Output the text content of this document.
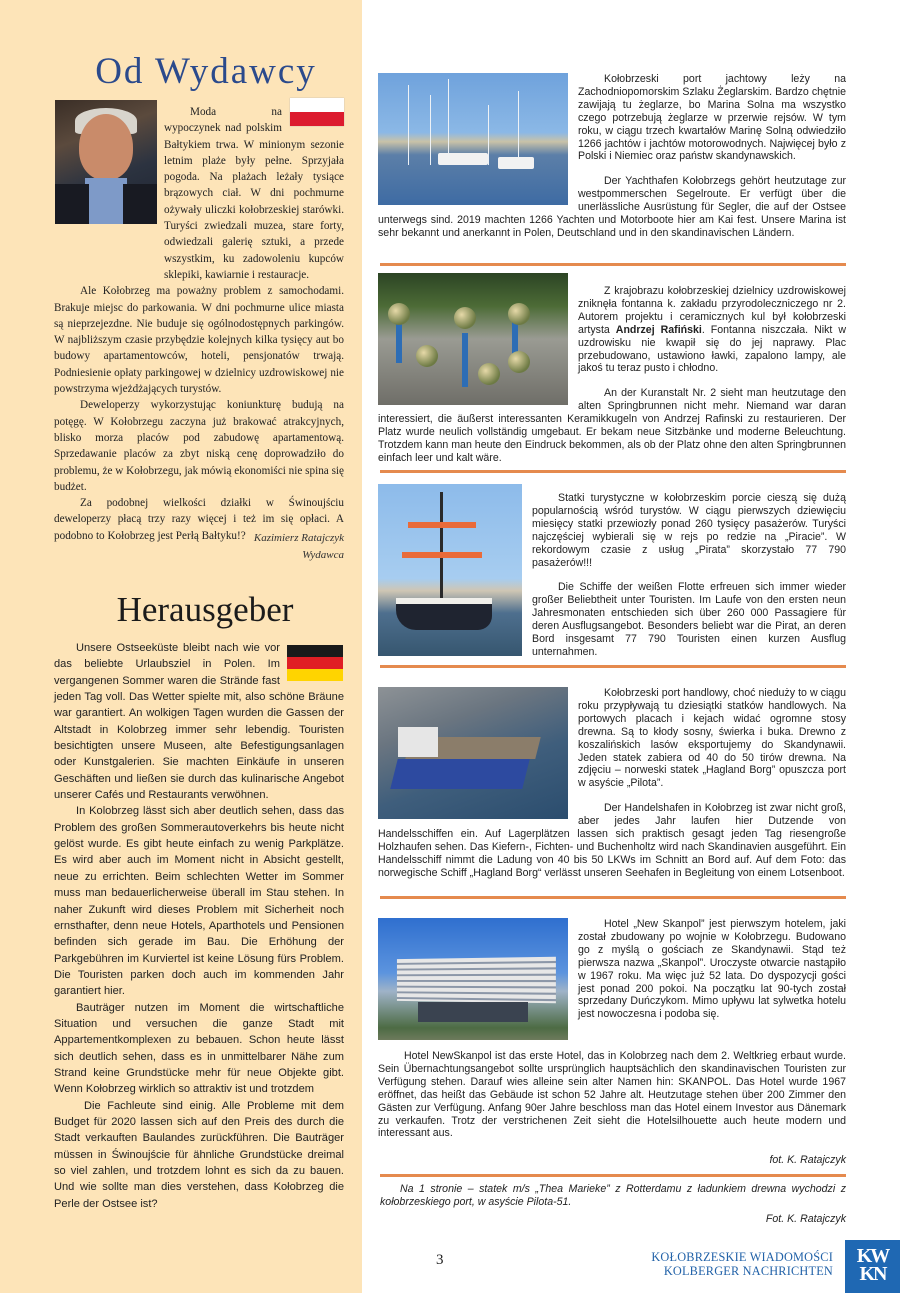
Od Wydawcy

Moda na wypoczynek nad polskim Bałtykiem trwa. W minionym sezonie letnim plaże były pełne. Sprzyjała pogoda. Na plażach leżały tysiące brązowych ciał. W dni pochmurne ożywały uliczki kołobrzeskiej starówki. Turyści zwiedzali muzea, stare forty, odwiedzali galerię sztuki, a przede wszystkim, ku zadowoleniu kupców sklepiki, kawiarnie i restauracje.

Ale Kołobrzeg ma poważny problem z samochodami. Brakuje miejsc do parkowania. W dni pochmurne ulice miasta są nieprzejezdne. Nie buduje się ogólnodostępnych parkingów. W najbliższym czasie przybędzie kolejnych kilka tysięcy aut bo budowy apartamentowców, hoteli, pensjonatów trwają. Podniesienie opłaty parkingowej w dzielnicy uzdrowiskowej nie powstrzyma wjeżdżających turystów.

Deweloperzy wykorzystując koniunkturę budują na potęgę. W Kołobrzegu zaczyna już brakować atrakcyjnych, blisko morza placów pod zabudowę apartamentową. Sprzedawanie placów za zbyt niską cenę doprowadziło do problemu, że w Kołobrzegu, jak mówią ekonomiści nie spina się budżet.

Za podobnej wielkości działki w Świnoujściu deweloperzy płacą trzy razy więcej i też im się opłaci. A podobno to Kołobrzeg jest Perłą Bałtyku!? Kazimierz Ratajczyk
Wydawca
Herausgeber

Unsere Ostseeküste bleibt nach wie vor das beliebte Urlaubsziel in Polen. Im vergangenen Sommer waren die Strände fast jeden Tag voll. Das Wetter spielte mit, also schöne Bräune war garantiert. An wolkigen Tagen wurden die Gassen der Altstadt in Kolobrzeg immer sehr lebendig. Touristen besichtigten unsere Museen, alte Befestigungsanlagen oder Kunstgalerien. Sie machten Einkäufe in unseren Geschäften und ließen sie durch das kulinarische Angebot unserer Cafés und Restaurants verwöhnen.

In Kolobrzeg lässt sich aber deutlich sehen, dass das Problem des großen Sommerautoverkehrs bis heute nicht gelöst wurde. Es gibt heute einfach zu wenig Parkplätze. Es wird aber auch im Moment nicht in Absicht gestellt, neue zu errichten. Beim schlechten Wetter im Sommer muss man bedauerlicherweise überall im Stau stehen. In naher Zukunft wird dieses Problem mit Sicherheit noch ernsthafter, denn neue Hotels, Aparthotels und Pensionen befinden sich gerade im Bau. Die Erhöhung der Parkgebühren im Kurviertel ist keine Lösung fürs Problem. Die Touristen parken doch auch im kommenden Jahr garantiert hier.

Bauträger nutzen im Moment die wirtschaftliche Situation und versuchen die ganze Stadt mit Appartementkomplexen zu bebauen. Schon heute lässt sich deutlich sehen, dass es in unmittelbarer Nähe zum Strand keine Grundstücke mehr für neue Objekte gibt. Wenn Kołobrzeg wirklich so attraktiv ist und trotzdem

Die Fachleute sind einig. Alle Probleme mit dem Budget für 2020 lassen sich auf den Preis des durch die Stadt verkauften Baulandes zurückführen. Die Bauträger müssen in Świnoujście für ähnliche Grundstücke dreimal so viel zahlen, und trotzdem lohnt es sich da zu bauen. Und wie sollte man dies verstehen, dass Kołobrzeg die Perle der Ostsee ist?

Kołobrzeski port jachtowy leży na Zachodniopomorskim Szlaku Żeglarskim. Bardzo chętnie zawijają tu żeglarze, bo Marina Solna ma wszystko czego potrzebują żeglarze w przerwie rejsów. W tym roku, w ciągu trzech kwartałów Marinę Solną odwiedziło 1266 jachtów i jachtów motorowodnych. Najwięcej było z Polski i Niemiec oraz państw skandynawskich.

Der Yachthafen Kołobrzegs gehört heutzutage zur westpommerschen Segelroute. Er verfügt über die unerlässliche Ausrüstung für Segler, die auf der Ostsee unterwegs sind. 2019 machten 1266 Yachten und Motorboote hier am Kai fest. Unsere Marina ist sehr bekannt und anerkannt in Polen, Deutschland und in den skandinavischen Ländern.

Z krajobrazu kołobrzeskiej dzielnicy uzdrowiskowej zniknęła fontanna k. zakładu przyrodoleczniczego nr 2. Autorem projektu i ceramicznych kul był kołobrzeski artysta Andrzej Rafiński. Fontanna niszczała. Nikt w uzdrowisku nie kwapił się do jej naprawy. Plac przebudowano, ustawiono ławki, zapalono lampy, ale jakoś tu teraz pusto i chłodno.

An der Kuranstalt Nr. 2 sieht man heutzutage den alten Springbrunnen nicht mehr. Niemand war daran interessiert, die äußerst interessanten Keramikkugeln von Andrzej Rafinski zu restaurieren. Der Platz wurde neulich vollständig umgebaut. Er bekam neue Sitzbänke und moderne Beleuchtung. Trotzdem kann man heute den Eindruck bekommen, als ob der Platz ohne den alten Springbrunnen einfach leer und kalt wäre.

Statki turystyczne w kołobrzeskim porcie cieszą się dużą popularnością wśród turystów. W ciągu pierwszych dziewięciu miesięcy statki przewiozły ponad 260 tysięcy pasażerów. Turyści najczęściej wybierali się w rejs po redzie na „Piracie”. W rekordowym czasie z usług „Pirata” skorzystało 77 790 pasażerów!!!

Die Schiffe der weißen Flotte erfreuen sich immer wieder großer Beliebtheit unter Touristen. Im Laufe von den ersten neun Jahresmonaten entschieden sich über 260 000 Passagiere für deren Ausflugsangebot. Besonders beliebt war die Pirat, an deren Bord insgesamt 77 790 Touristen einen kurzen Ausflug unternahmen.

Kołobrzeski port handlowy, choć nieduży to w ciągu roku przypływają tu dziesiątki statków handlowych. Na portowych placach i kejach widać ogromne stosy drewna. Są to kłody sosny, świerka i buka. Drewno z koszalińskich lasów eksportujemy do Skandynawii. Jeden statek zabiera od 40 do 50 tirów drewna. Na zdjęciu – norweski statek „Hagland Borg” opuszcza port w asyście „Pilota”.

Der Handelshafen in Kołobrzeg ist zwar nicht groß, aber jedes Jahr laufen hier Dutzende von Handelsschiffen ein. Auf Lagerplätzen lassen sich praktisch gesagt jeden Tag riesengroße Holzhaufen sehen. Das Kiefern-, Fichten- und Buchenholtz wird nach Skandinavien ausgeführt. Ein Handelsschiff nimmt die Ladung von 40 bis 50 LKWs im Schnitt an Bord auf. Auf dem Foto: das norwegische Schiff „Hagland Borg“ verlässt unseren Seehafen in Begleitung von einem Lotsenboot.

Hotel „New Skanpol” jest pierwszym hotelem, jaki został zbudowany po wojnie w Kołobrzegu. Budowano go z myślą o gościach ze Skandynawii. Stąd też pierwsza nazwa „Skanpol”. Uroczyste otwarcie nastąpiło w 1967 roku. Ma więc już 52 lata. Do dyspozycji gości jest ponad 200 pokoi. Na początku lat 90-tych został sprzedany Duńczykom. Mimo upływu lat sylwetka hotelu jest nowoczesna i podoba się.

Hotel NewSkanpol ist das erste Hotel, das in Kolobrzeg nach dem 2. Weltkrieg erbaut wurde. Sein Übernachtungsangebot sollte ursprünglich hauptsächlich den skandinavischen Touristen zur Verfügung stehen. Darauf wies alleine sein alter Namen hin: SKANPOL. Das Hotel wurde 1967 eröffnet, das heißt das Gebäude ist schon 52 Jahre alt. Heutzutage stehen über 200 Zimmer den Gästen zur Verfügung. Anfang 90er Jahre beschloss man das Hotel einem Investor aus Dänemark zu verkaufen. Trotz der verstrichenen Zeit sieht die Hotelsilhouette auch heute modern und interessant aus.

fot. K. Ratajczyk
Na 1 stronie – statek m/s „Thea Marieke” z Rotterdamu z ładunkiem drewna wychodzi z kołobrzeskiego port, w asyście Pilota-51.
Fot. K. Ratajczyk
3	KOŁOBRZESKIE WIADOMOŚCI
KOLBERGER NACHRICHTEN
KW
KN
